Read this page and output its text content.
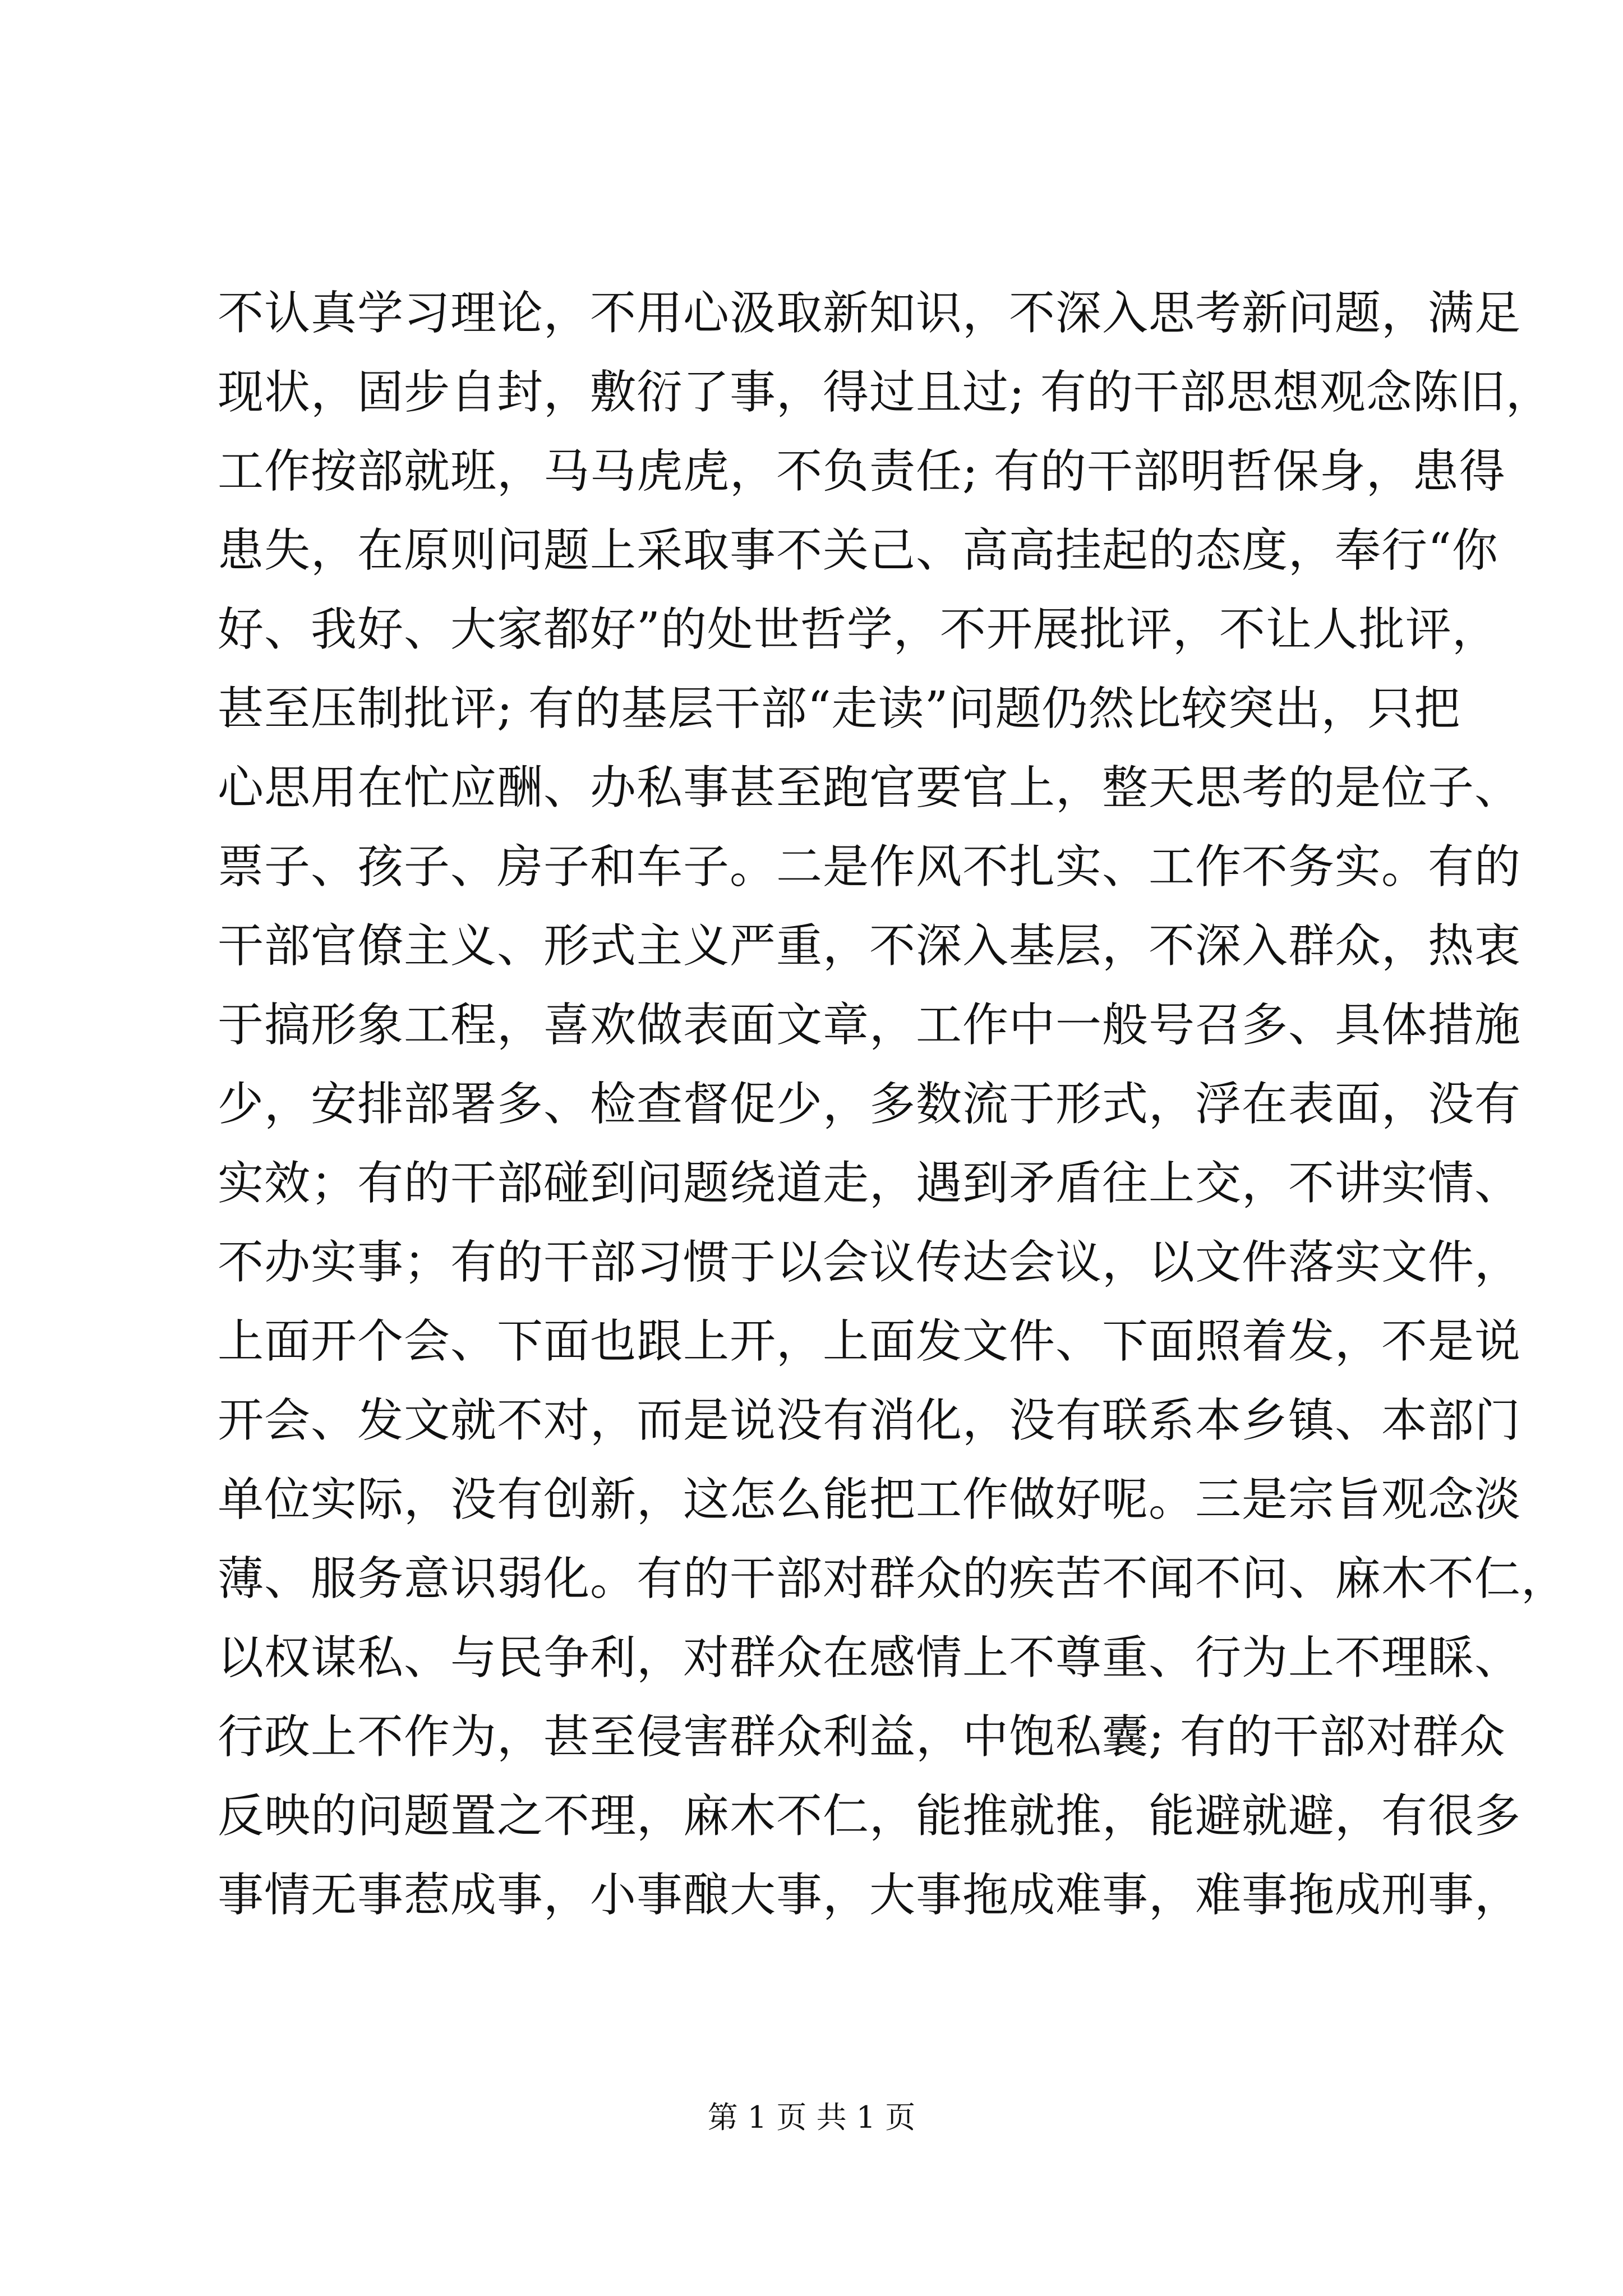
不认真学习理论，不用心汲取新知识，不深入思考新问题，满足
现状，固步自封，敷衍了事，得过且过; 有的干部思想观念陈旧，
工作按部就班，马马虎虎，不负责任; 有的干部明哲保身，患得
患失，在原则问题上采取事不关己、高高挂起的态度，奉行“你
好、我好、大家都好”的处世哲学，不开展批评，不让人批评，
甚至压制批评; 有的基层干部“走读”问题仍然比较突出，只把
心思用在忙应酬、办私事甚至跑官要官上，整天思考的是位子、
票子、孩子、房子和车子。二是作风不扎实、工作不务实。有的
干部官僚主义、形式主义严重，不深入基层，不深入群众，热衷
于搞形象工程，喜欢做表面文章，工作中一般号召多、具体措施
少，安排部署多、检查督促少，多数流于形式，浮在表面，没有
实效；有的干部碰到问题绕道走，遇到矛盾往上交，不讲实情、
不办实事；有的干部习惯于以会议传达会议，以文件落实文件，
上面开个会、下面也跟上开，上面发文件、下面照着发，不是说
开会、发文就不对，而是说没有消化，没有联系本乡镇、本部门
单位实际，没有创新，这怎么能把工作做好呢。三是宗旨观念淡
薄、服务意识弱化。有的干部对群众的疾苦不闻不问、麻木不仁，
以权谋私、与民争利，对群众在感情上不尊重、行为上不理睬、
行政上不作为，甚至侵害群众利益，中饱私囊; 有的干部对群众
反映的问题置之不理，麻木不仁，能推就推，能避就避，有很多
事情无事惹成事，小事酿大事，大事拖成难事，难事拖成刑事，
第 1 页 共 1 页
